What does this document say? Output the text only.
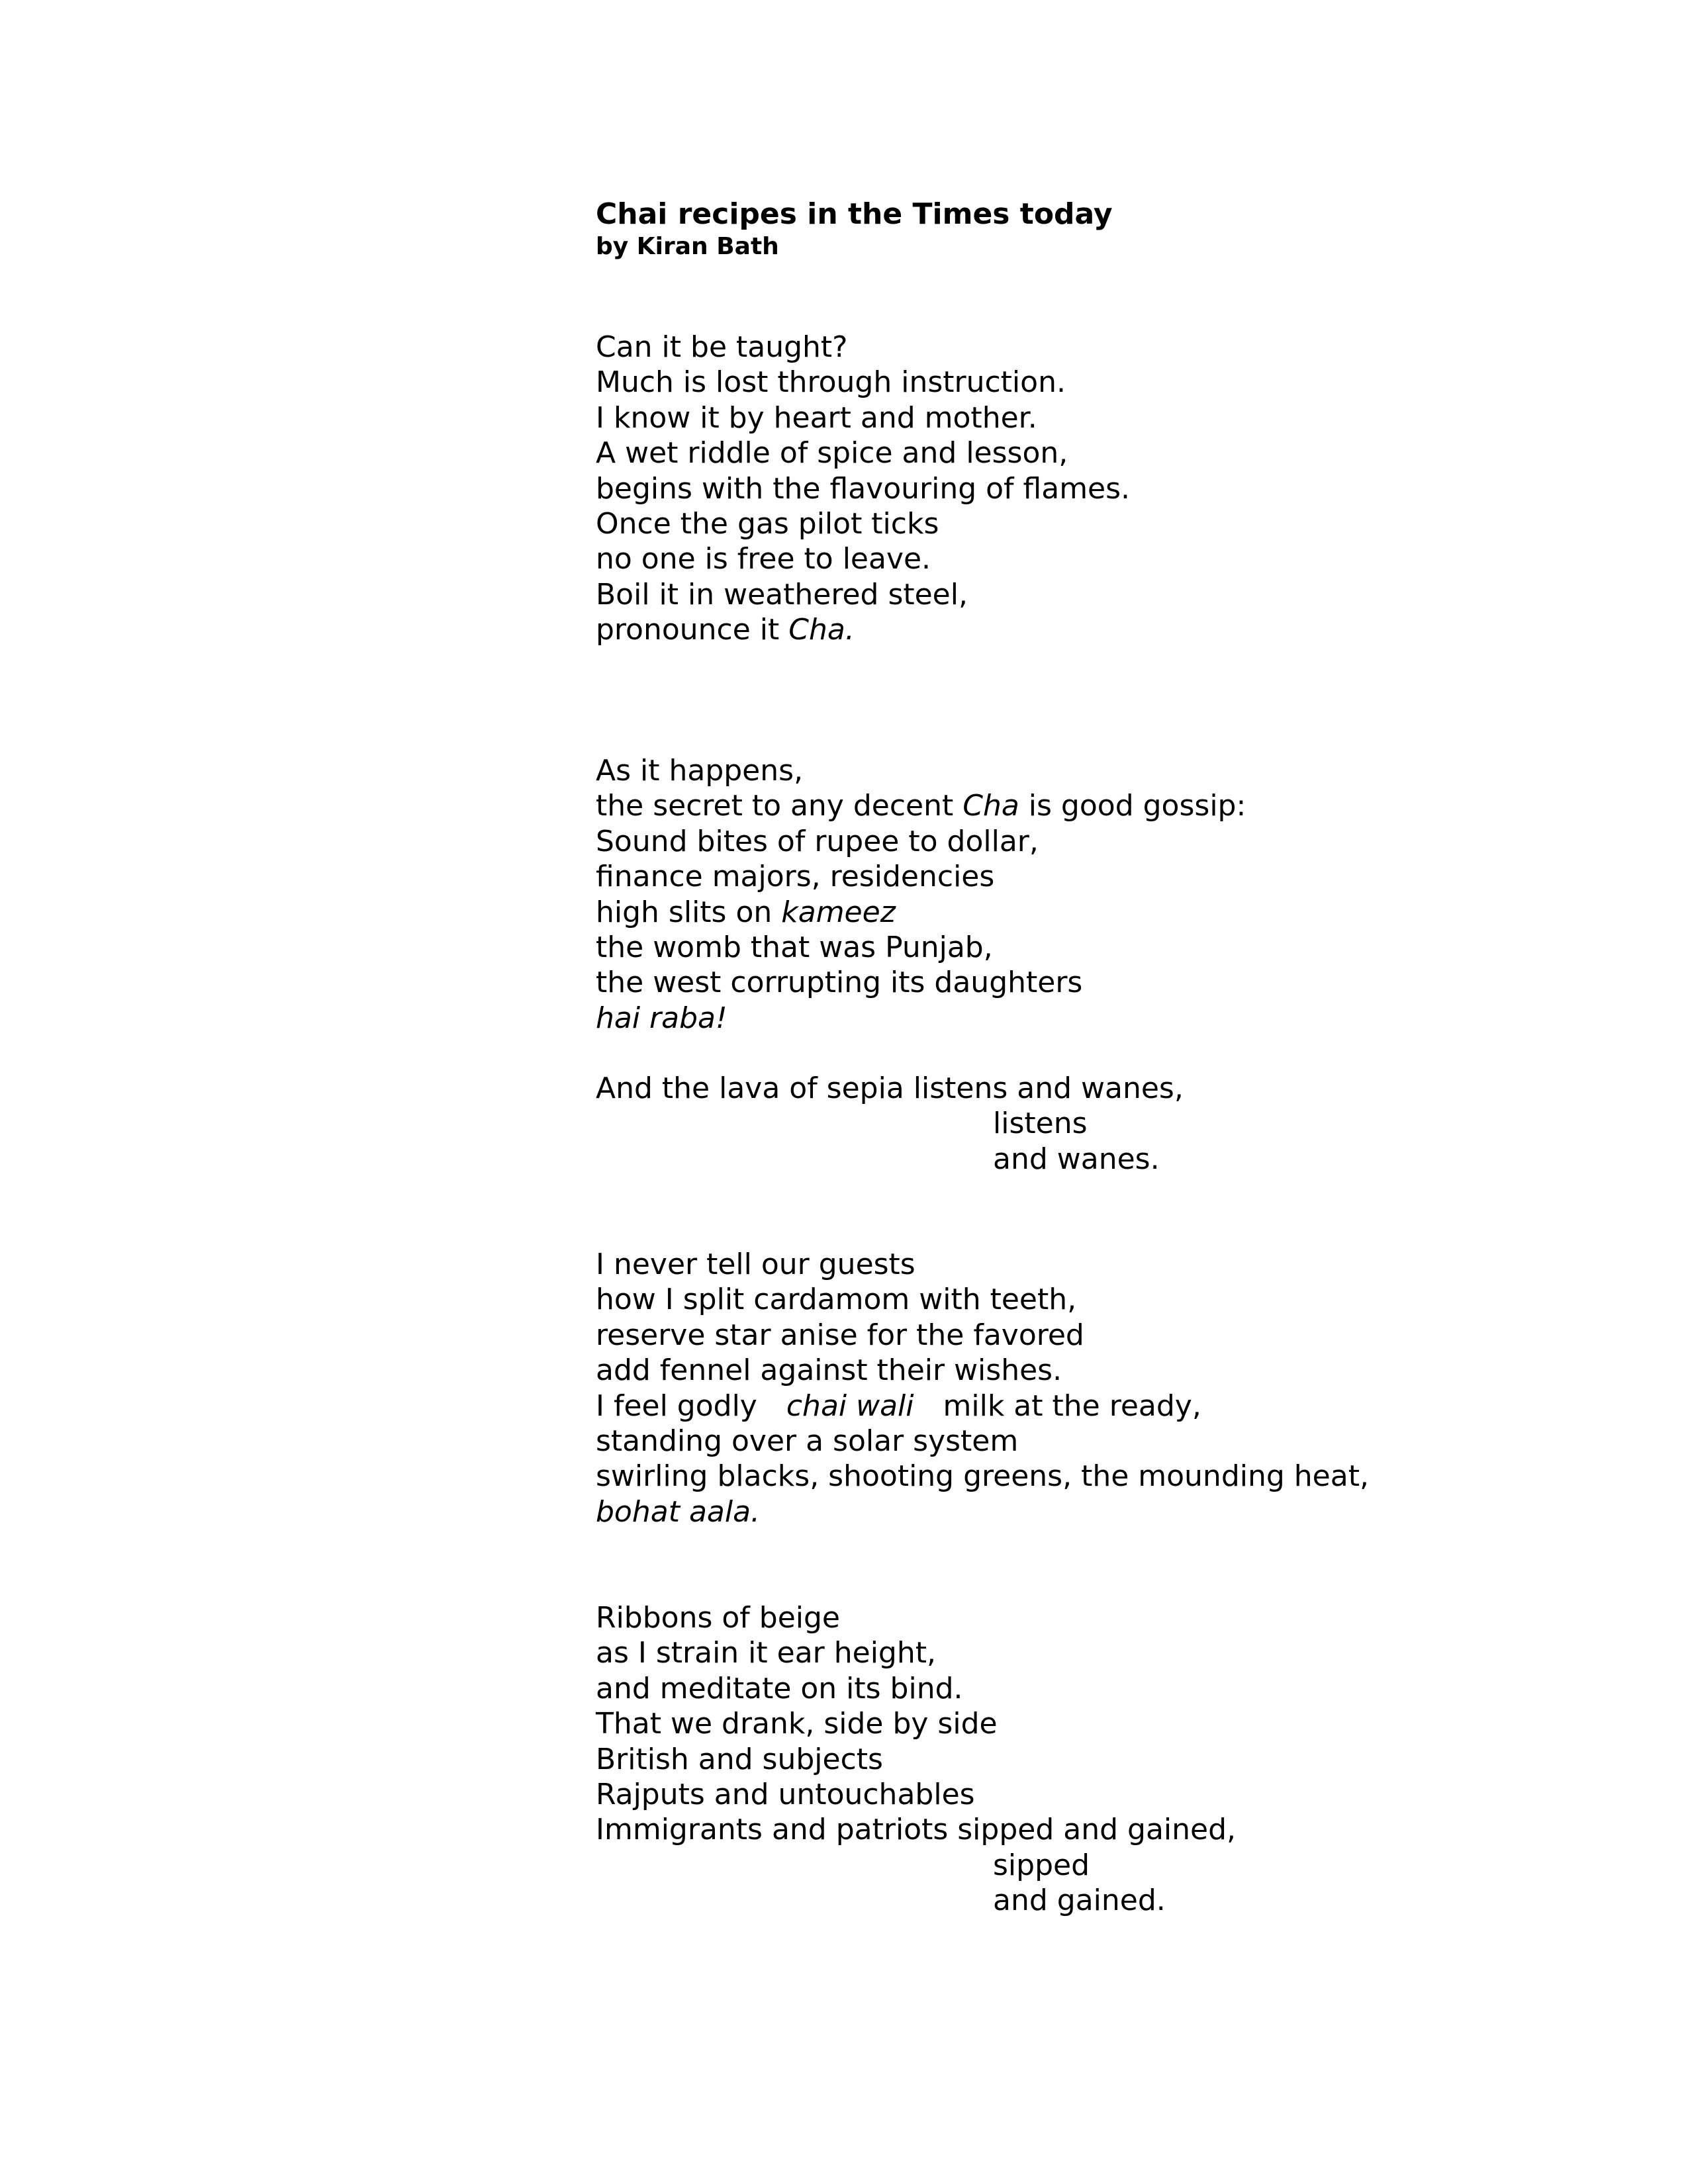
Chai recipes in the Times today
by Kiran Bath
Can it be taught?
Much is lost through instruction.
I know it by heart and mother.
A wet riddle of spice and lesson,
begins with the flavouring of flames.
Once the gas pilot ticks
no one is free to leave.
Boil it in weathered steel,
pronounce it Cha.
As it happens,
the secret to any decent Cha is good gossip:
Sound bites of rupee to dollar,
finance majors, residencies
high slits on kameez
the womb that was Punjab,
the west corrupting its daughters
hai raba!
And the lava of sepia listens and wanes,
listens
and wanes.
I never tell our guests
how I split cardamom with teeth,
reserve star anise for the favored
add fennel against their wishes.
I feel godly chai wali milk at the ready,
standing over a solar system
swirling blacks, shooting greens, the mounding heat,
bohat aala.
Ribbons of beige
as I strain it ear height,
and meditate on its bind.
That we drank, side by side
British and subjects
Rajputs and untouchables
Immigrants and patriots sipped and gained,
sipped
and gained.
